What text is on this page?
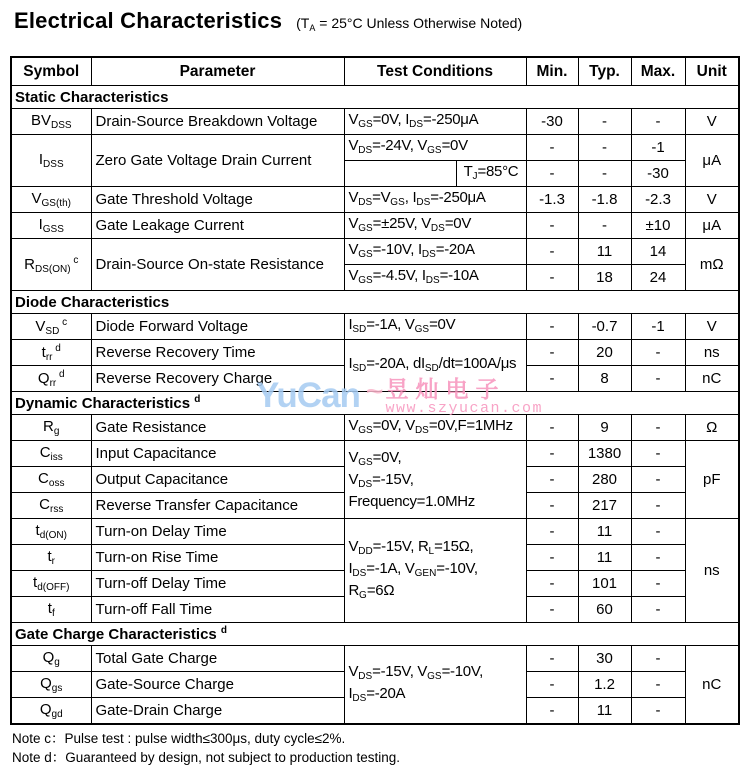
Electrical Characteristics ($T_A = 25^\circ C$ Unless Otherwise Noted)
Symbol	Parameter	Test Conditions		Min.	Typ.	Max.	Unit
Static Characteristics							
$BV_{DSS}$	Drain-Source Breakdown Voltage	$V_{GS}=0V$, $I_{DS}=-250\mu A$		-30	-	-	V
$I_{DSS}$	Zero Gate Voltage Drain Current	$V_{DS}=-24V$, $V_{GS}=0V$		-	-	-1	μA
			$T_J=85^\circ C$	-	-	-30	
$V_{GS(th)}$	Gate Threshold Voltage	$V_{DS}=V_{GS}$, $I_{DS}=-250\mu A$		-1.3	-1.8	-2.3	V
$I_{GSS}$	Gate Leakage Current	$V_{GS}=\pm 25V$, $V_{DS}=0V$		-	-	±10	μA
$R_{DS(ON)}$ $^c$	Drain-Source On-state Resistance	$V_{GS}=-10V$, $I_{DS}=-20A$		-	11	14	mΩ
		$V_{GS}=-4.5V$, $I_{DS}=-10A$		-	18	24	
Diode Characteristics							
$V_{SD}$ $^c$	Diode Forward Voltage	$I_{SD}=-1A$, $V_{GS}=0V$		-	-0.7	-1	V
$t_{rr}$ $^d$	Reverse Recovery Time	$I_{SD}=-20A$, $dI_{SD}/dt=100A/\mu s$		-	20	-	ns
$Q_{rr}$ $^d$	Reverse Recovery Charge			-	8	-	nC
Dynamic Characteristics $^d$
$R_g$	Gate Resistance	$V_{GS}=0V$, $V_{DS}=0V,F=1MHz$		-	9	-	Ω
$C_{iss}$	Input Capacitance	$V_{GS}=0V$,
$V_{DS}=-15V$,
Frequency=1.0MHz		-	1380	-	pF
$C_{oss}$	Output Capacitance			-	280	-	
$C_{rss}$	Reverse Transfer Capacitance			-	217	-	
$t_{d(ON)}$	Turn-on Delay Time	$V_{DD}=-15V$, $R_L=15\Omega$,
$I_{DS}=-1A$, $V_{GEN}=-10V$,
$R_G=6\Omega$		-	11	-	ns
$t_r$	Turn-on Rise Time			-	11	-	
$t_{d(OFF)}$	Turn-off Delay Time			-	101	-	
$t_f$	Turn-off Fall Time			-	60	-	
Gate Charge Characteristics $^d$
$Q_g$	Total Gate Charge	$V_{DS}=-15V$, $V_{GS}=-10V$,
$I_{DS}=-20A$		-	30	-	nC
$Q_{gs}$	Gate-Source Charge			-	1.2	-	
$Q_{gd}$	Gate-Drain Charge			-	11	-	
Note c：Pulse test : pulse width≤300μs, duty cycle≤2%.
Note d：Guaranteed by design, not subject to production testing.
YuCan ~ 昱灿电子
www.szyucan.com
